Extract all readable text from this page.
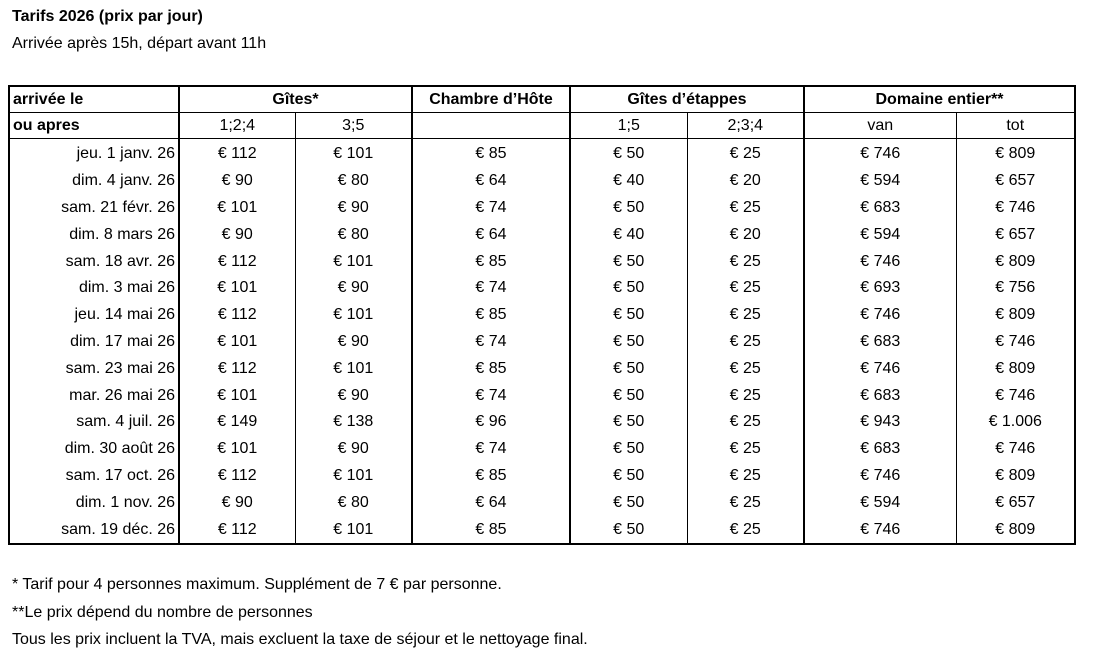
Tarifs 2026 (prix par jour)

Arrivée après 15h, départ avant 11h

arrivée le	Gîtes*		Chambre d’Hôte	Gîtes d’étappes		Domaine entier**	
ou apres	1;2;4	3;5		1;5	2;3;4	van	tot
jeu. 1 janv. 26	€ 112	€ 101	€ 85	€ 50	€ 25	€ 746	€ 809
dim. 4 janv. 26	€ 90	€ 80	€ 64	€ 40	€ 20	€ 594	€ 657
sam. 21 févr. 26	€ 101	€ 90	€ 74	€ 50	€ 25	€ 683	€ 746
dim. 8 mars 26	€ 90	€ 80	€ 64	€ 40	€ 20	€ 594	€ 657
sam. 18 avr. 26	€ 112	€ 101	€ 85	€ 50	€ 25	€ 746	€ 809
dim. 3 mai 26	€ 101	€ 90	€ 74	€ 50	€ 25	€ 693	€ 756
jeu. 14 mai 26	€ 112	€ 101	€ 85	€ 50	€ 25	€ 746	€ 809
dim. 17 mai 26	€ 101	€ 90	€ 74	€ 50	€ 25	€ 683	€ 746
sam. 23 mai 26	€ 112	€ 101	€ 85	€ 50	€ 25	€ 746	€ 809
mar. 26 mai 26	€ 101	€ 90	€ 74	€ 50	€ 25	€ 683	€ 746
sam. 4 juil. 26	€ 149	€ 138	€ 96	€ 50	€ 25	€ 943	€ 1.006
dim. 30 août 26	€ 101	€ 90	€ 74	€ 50	€ 25	€ 683	€ 746
sam. 17 oct. 26	€ 112	€ 101	€ 85	€ 50	€ 25	€ 746	€ 809
dim. 1 nov. 26	€ 90	€ 80	€ 64	€ 50	€ 25	€ 594	€ 657
sam. 19 déc. 26	€ 112	€ 101	€ 85	€ 50	€ 25	€ 746	€ 809
* Tarif pour 4 personnes maximum. Supplément de 7 € par personne.
**Le prix dépend du nombre de personnes
Tous les prix incluent la TVA, mais excluent la taxe de séjour et le nettoyage final.
